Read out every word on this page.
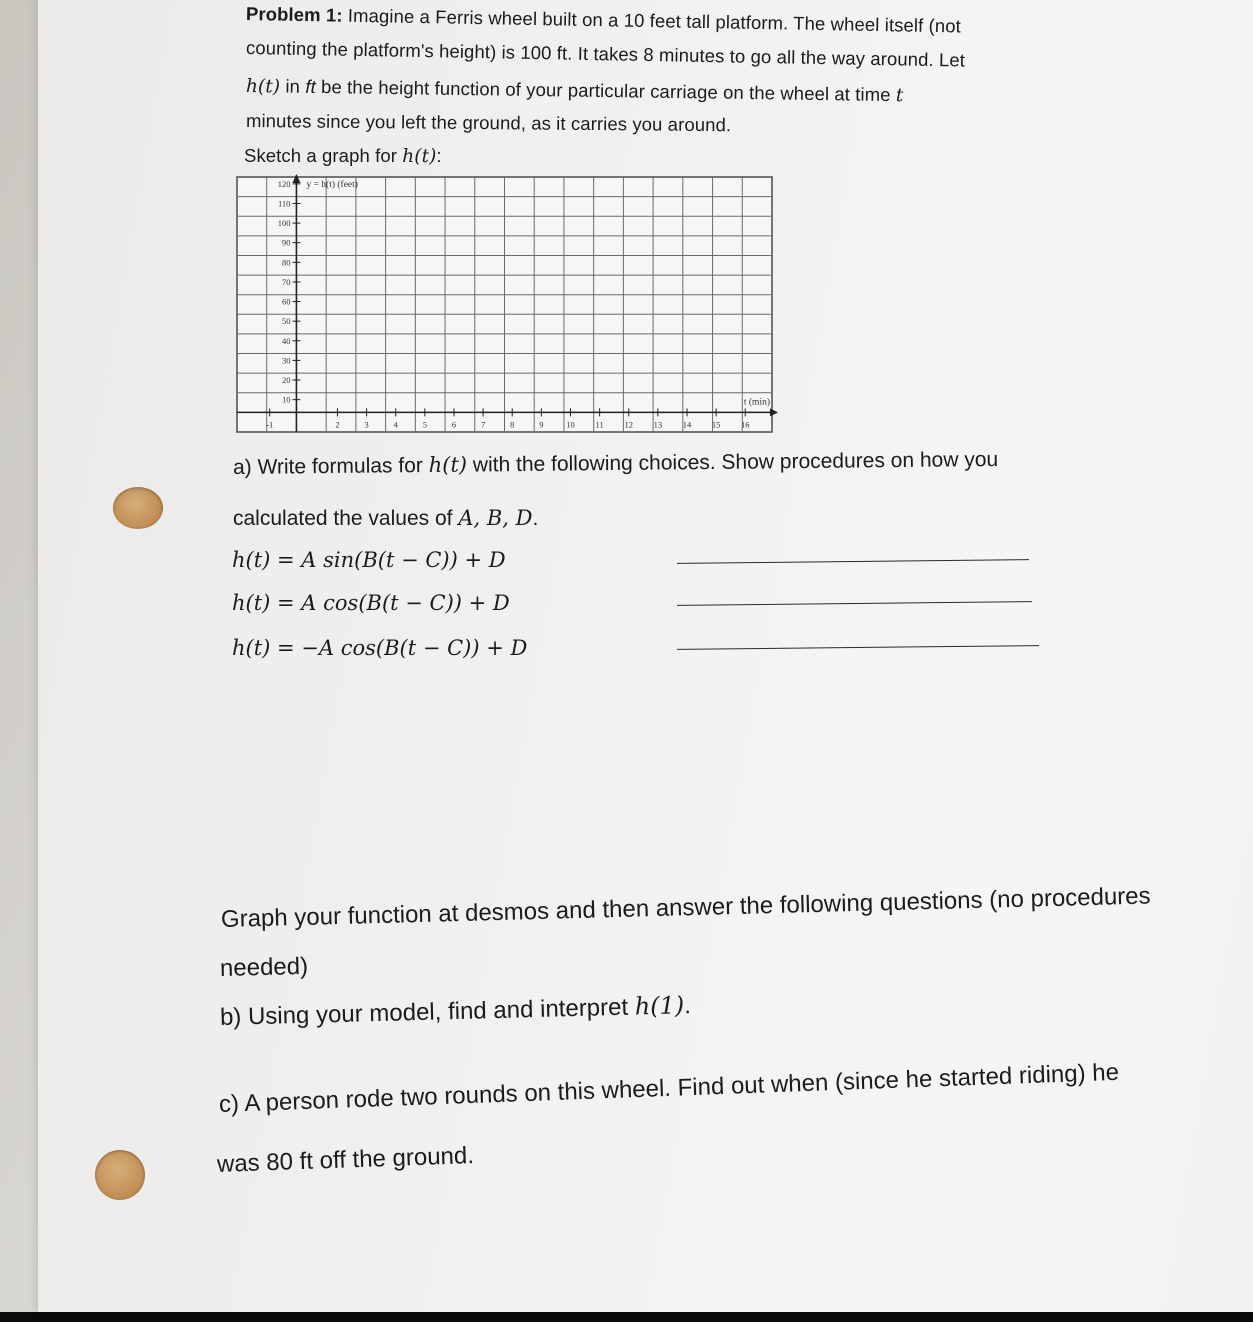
Problem 1: Imagine a Ferris wheel built on a 10 feet tall platform. The wheel itself (not
counting the platform's height) is 100 ft. It takes 8 minutes to go all the way around. Let
h(t) in ft be the height function of your particular carriage on the wheel at time t
minutes since you left the ground, as it carries you around.
Sketch a graph for h(t):
120
110
100
90
80
70
60
50
40
30
20
10
-1	2	3	4	5	6	7	8	9	10 11 12 13 14 15 16
y = h(t) (feet)
t (min)
a) Write formulas for h(t) with the following choices. Show procedures on how you
calculated the values of A, B, D.
h(t) = A sin(B(t − C)) + D
h(t) = A cos(B(t − C)) + D
h(t) = −A cos(B(t − C)) + D
Graph your function at desmos and then answer the following questions (no procedures
needed)
b) Using your model, find and interpret h(1).
c) A person rode two rounds on this wheel. Find out when (since he started riding) he
was 80 ft off the ground.
